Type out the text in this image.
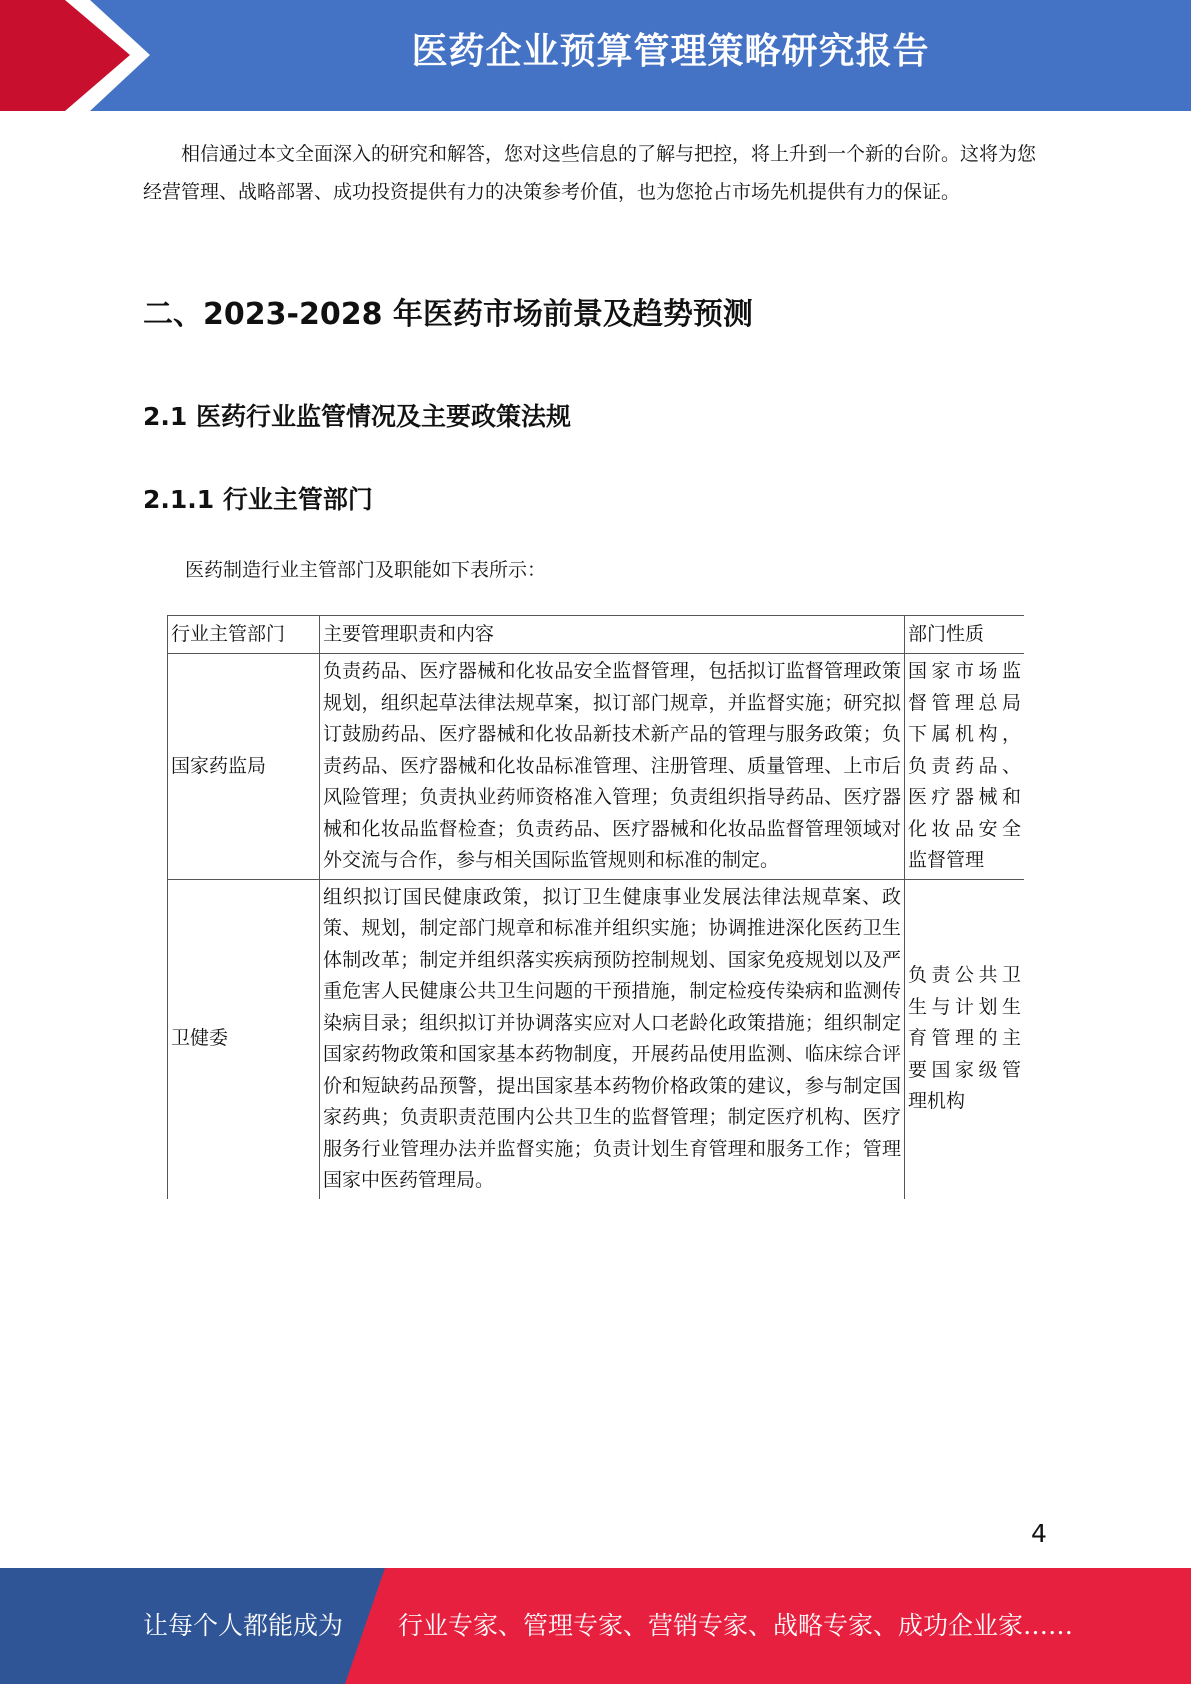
医药企业预算管理策略研究报告

相信通过本文全面深入的研究和解答，您对这些信息的了解与把控，将上升到一个新的台阶。这将为您经营管理、战略部署、成功投资提供有力的决策参考价值，也为您抢占市场先机提供有力的保证。

二、2023-2028 年医药市场前景及趋势预测
2.1 医药行业监管情况及主要政策法规
2.1.1 行业主管部门

医药制造行业主管部门及职能如下表所示：

行业主管部门	主要管理职责和内容	部门性质
国家药监局	负责药品、医疗器械和化妆品安全监督管理，包括拟订监督管理政策规划，组织起草法律法规草案，拟订部门规章，并监督实施；研究拟订鼓励药品、医疗器械和化妆品新技术新产品的管理与服务政策；负责药品、医疗器械和化妆品标准管理、注册管理、质量管理、上市后风险管理；负责执业药师资格准入管理；负责组织指导药品、医疗器械和化妆品监督检查；负责药品、医疗器械和化妆品监督管理领域对外交流与合作，参与相关国际监管规则和标准的制定。	国家市场监督管理总局下属机构，负责药品、医疗器械和化妆品安全监督管理
卫健委	组织拟订国民健康政策，拟订卫生健康事业发展法律法规草案、政策、规划，制定部门规章和标准并组织实施；协调推进深化医药卫生体制改革；制定并组织落实疾病预防控制规划、国家免疫规划以及严重危害人民健康公共卫生问题的干预措施，制定检疫传染病和监测传染病目录；组织拟订并协调落实应对人口老龄化政策措施；组织制定国家药物政策和国家基本药物制度，开展药品使用监测、临床综合评价和短缺药品预警，提出国家基本药物价格政策的建议，参与制定国家药典；负责职责范围内公共卫生的监督管理；制定医疗机构、医疗服务行业管理办法并监督实施；负责计划生育管理和服务工作；管理国家中医药管理局。	负责公共卫生与计划生育管理的主要国家级管理机构
4
让每个人都能成为 行业专家、管理专家、营销专家、战略专家、成功企业家……
